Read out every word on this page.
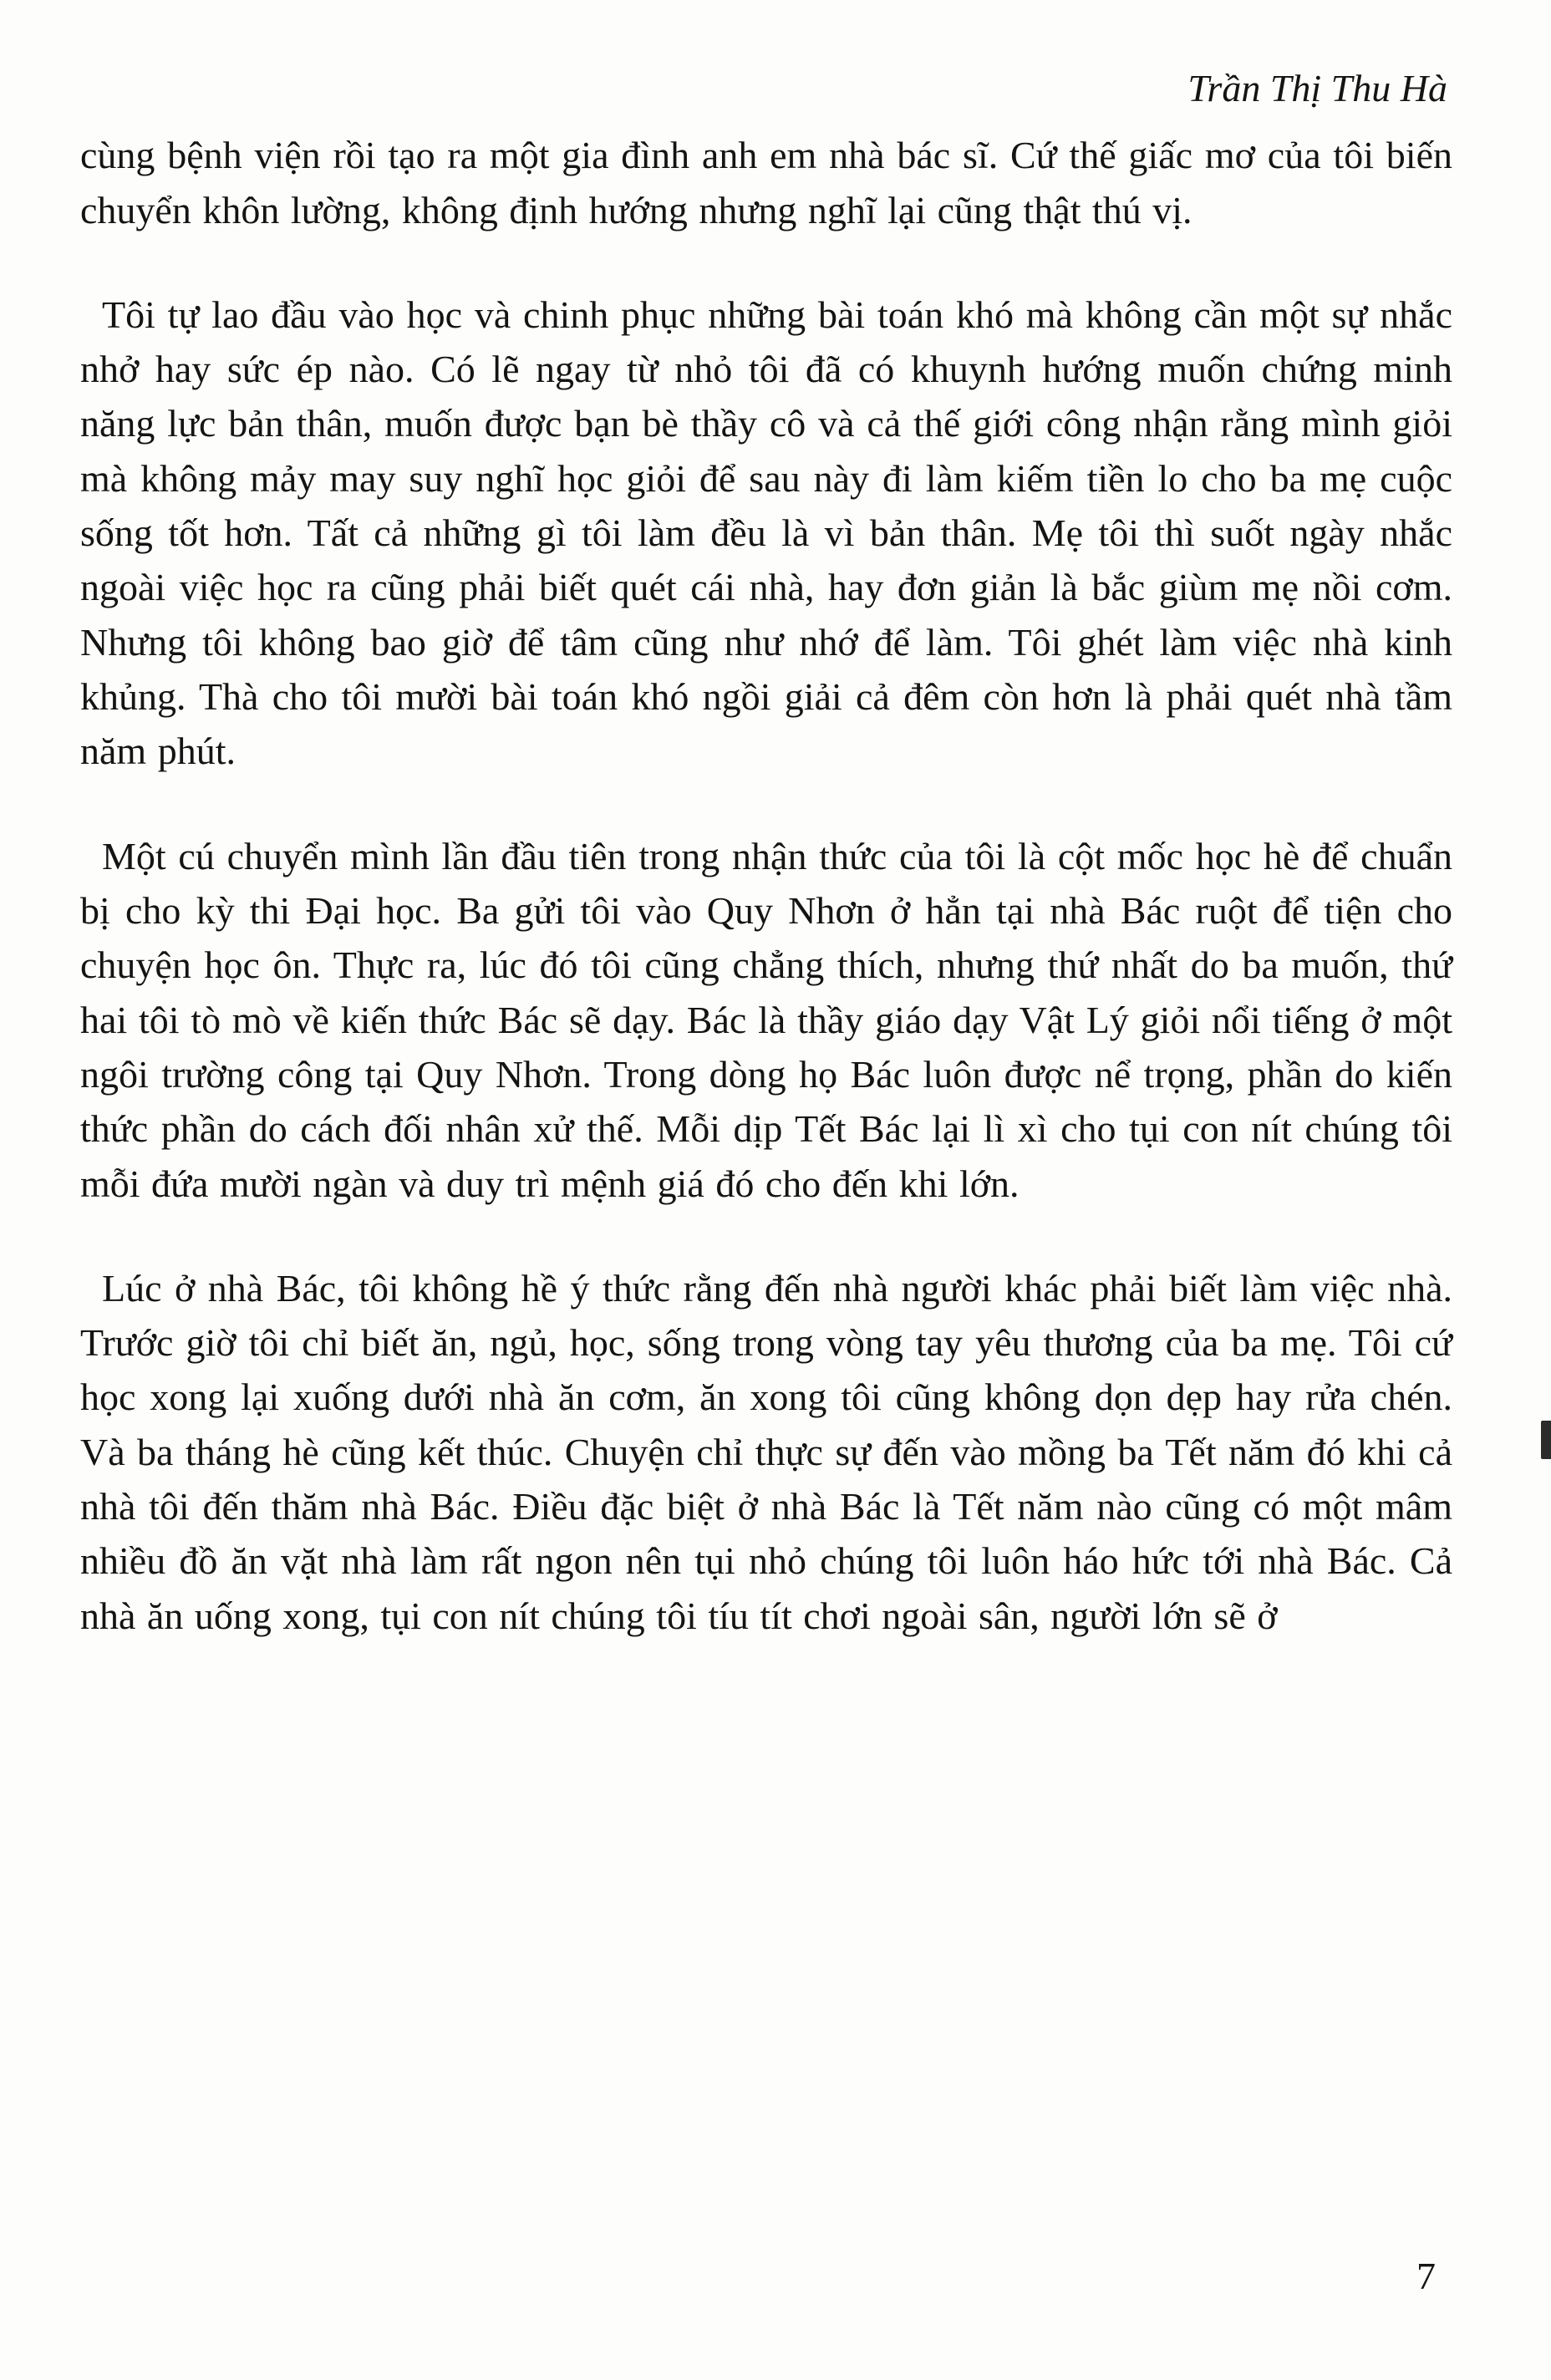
Trần Thị Thu Hà

cùng bệnh viện rồi tạo ra một gia đình anh em nhà bác sĩ. Cứ thế giấc mơ của tôi biến chuyển khôn lường, không định hướng nhưng nghĩ lại cũng thật thú vị.

Tôi tự lao đầu vào học và chinh phục những bài toán khó mà không cần một sự nhắc nhở hay sức ép nào. Có lẽ ngay từ nhỏ tôi đã có khuynh hướng muốn chứng minh năng lực bản thân, muốn được bạn bè thầy cô và cả thế giới công nhận rằng mình giỏi mà không mảy may suy nghĩ học giỏi để sau này đi làm kiếm tiền lo cho ba mẹ cuộc sống tốt hơn. Tất cả những gì tôi làm đều là vì bản thân. Mẹ tôi thì suốt ngày nhắc ngoài việc học ra cũng phải biết quét cái nhà, hay đơn giản là bắc giùm mẹ nồi cơm. Nhưng tôi không bao giờ để tâm cũng như nhớ để làm. Tôi ghét làm việc nhà kinh khủng. Thà cho tôi mười bài toán khó ngồi giải cả đêm còn hơn là phải quét nhà tầm năm phút.

Một cú chuyển mình lần đầu tiên trong nhận thức của tôi là cột mốc học hè để chuẩn bị cho kỳ thi Đại học. Ba gửi tôi vào Quy Nhơn ở hẳn tại nhà Bác ruột để tiện cho chuyện học ôn. Thực ra, lúc đó tôi cũng chẳng thích, nhưng thứ nhất do ba muốn, thứ hai tôi tò mò về kiến thức Bác sẽ dạy. Bác là thầy giáo dạy Vật Lý giỏi nổi tiếng ở một ngôi trường công tại Quy Nhơn. Trong dòng họ Bác luôn được nể trọng, phần do kiến thức phần do cách đối nhân xử thế. Mỗi dịp Tết Bác lại lì xì cho tụi con nít chúng tôi mỗi đứa mười ngàn và duy trì mệnh giá đó cho đến khi lớn.

Lúc ở nhà Bác, tôi không hề ý thức rằng đến nhà người khác phải biết làm việc nhà. Trước giờ tôi chỉ biết ăn, ngủ, học, sống trong vòng tay yêu thương của ba mẹ. Tôi cứ học xong lại xuống dưới nhà ăn cơm, ăn xong tôi cũng không dọn dẹp hay rửa chén. Và ba tháng hè cũng kết thúc. Chuyện chỉ thực sự đến vào mồng ba Tết năm đó khi cả nhà tôi đến thăm nhà Bác. Điều đặc biệt ở nhà Bác là Tết năm nào cũng có một mâm nhiều đồ ăn vặt nhà làm rất ngon nên tụi nhỏ chúng tôi luôn háo hức tới nhà Bác. Cả nhà ăn uống xong, tụi con nít chúng tôi tíu tít chơi ngoài sân, người lớn sẽ ở

7
